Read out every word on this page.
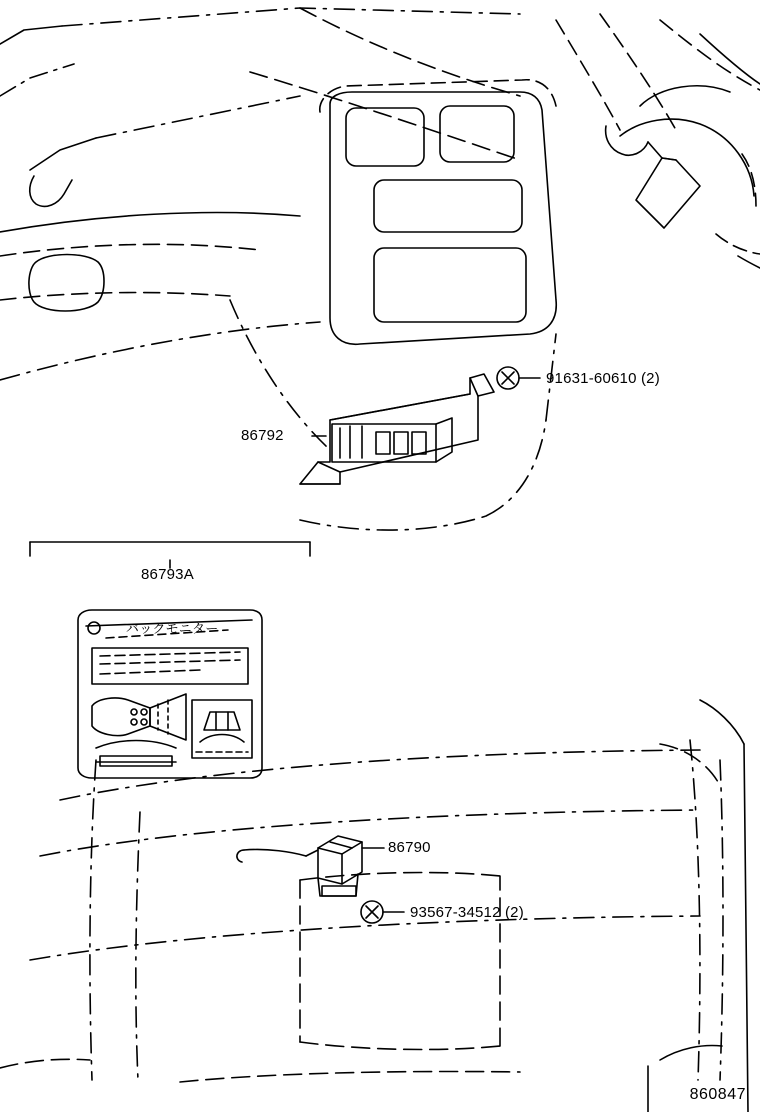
91631-60610 (2)
86792
86793A
86790
93567-34512 (2)
バックモニター
860847
